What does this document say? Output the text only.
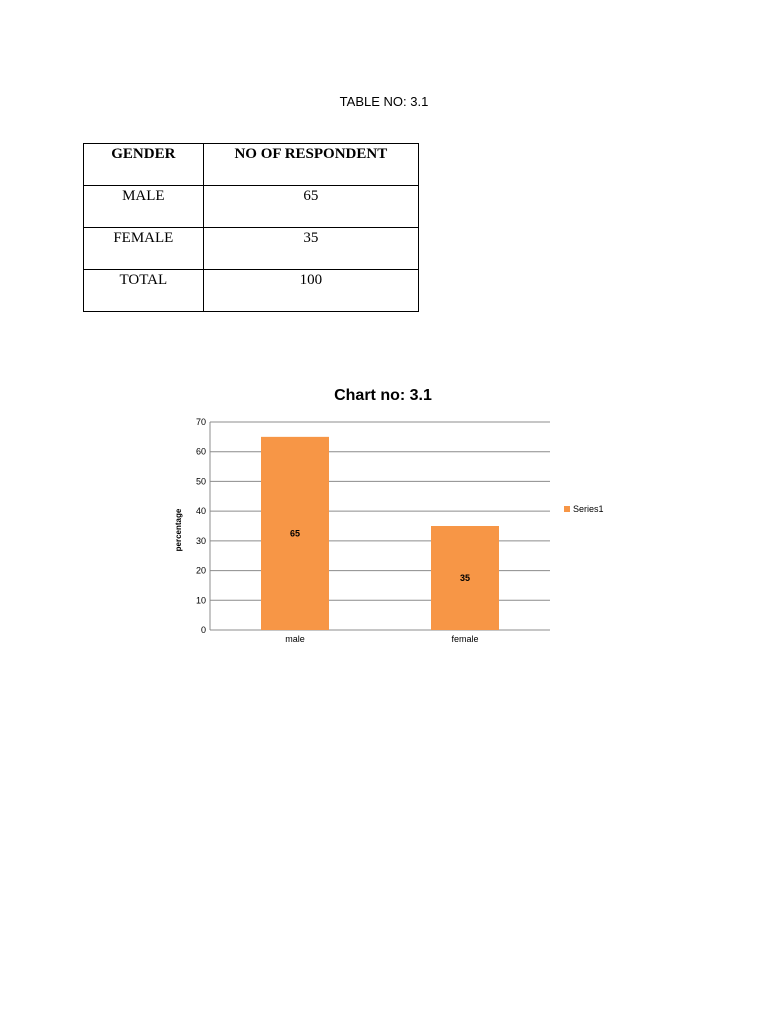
TABLE NO: 3.1
GENDER	NO OF RESPONDENT
MALE	65
FEMALE	35
TOTAL	100
Chart no: 3.1
percentage	65
35
0
10
20
30
40
50
60
70
male	female
Series1
